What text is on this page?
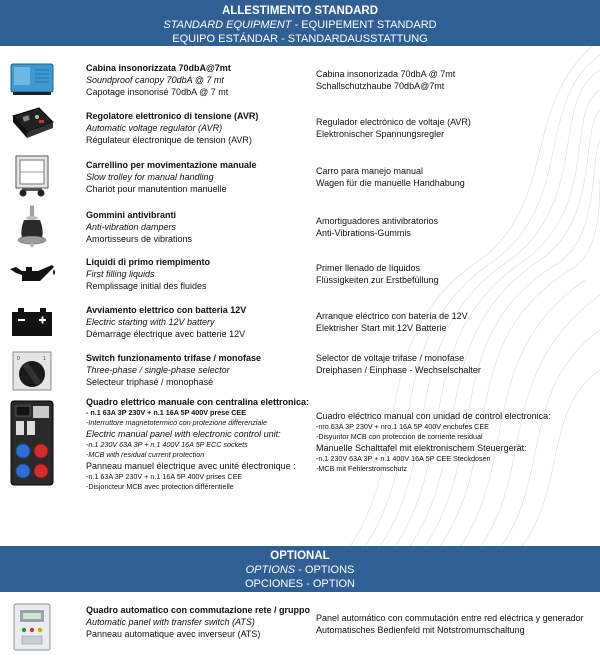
ALLESTIMENTO STANDARD
STANDARD EQUIPMENT - EQUIPEMENT STANDARD
EQUIPO ESTÁNDAR - STANDARDAUSSTATTUNG
Cabina insonorizzata 70dbA@7mt
Soundproof canopy 70dbA @ 7 mt
Capotage insonorisé 70dbA @ 7 mt
Cabina insonorizada 70dbA @ 7mt
Schallschutzhaube 70dbA@7mt
Regolatore elettronico di tensione (AVR)
Automatic voltage regulator (AVR)
Régulateur électronique de tension (AVR)
Regulador electrónico de voltaje (AVR)
Elektronischer Spannungsregler
Carrellino per movimentazione manuale
Slow trolley for manual handling
Chariot pour manutention manuelle
Carro para manejo manual
Wagen für die manuelle Handhabung
Gommini antivibranti
Anti-vibration dampers
Amortisseurs de vibrations
Amortiguadores antivibratorios
Anti-Vibrations-Gummis
Liquidi di primo riempimento
First filling liquids
Remplissage initial des fluides
Primer llenado de líquidos
Flüssigkeiten zur Erstbefüllung
Avviamento elettrico con batteria 12V
Electric starting with 12V battery
Démarrage électrique avec batterie 12V
Arranque eléctrico con batería de 12V
Elektrisher Start mit 12V Batterie
0	1	Switch funzionamento trifase / monofase
Three-phase / single-phase selector
Selecteur triphasé / monophasé
Selector de voltaje trifase / monofase
Dreiphasen / Einphase - Wechselschalter
Quadro elettrico manuale con centralina elettronica:
- n.1 63A 3P 230V + n.1 16A 5P 400V prese CEE
-Interruttore magnetotermico con protezione differenziale
Electric manual panel with electronic control unit:
-n.1 230V 63A 3P + n.1 400V 16A 5P ECC sockets
-MCB with residual current protection
Panneau manuel électrique avec unité électronique :
-n.1 63A 3P 230V + n.1 16A 5P 400V prises CEE
-Disjoncteur MCB avec protection différentielle
Cuadro eléctrico manual con unidad de control electronica:
-nro.63A 3P 230V + nro.1 16A 5P 400V enchufes CEE
-Disyuntor MCB con protección de corriente residual
Manuelle Schalttafel mit elektronischem Steuergerät:
-n.1 230V 63A 3P + n.1 400V 16A 5P CEE Steckdosen
-MCB mit Fehlerstromschutz
OPTIONAL
OPTIONS - OPTIONS
OPCIONES - OPTION
Quadro automatico con commutazione rete / gruppo
Automatic panel with transfer switch (ATS)
Panneau automatique avec inverseur (ATS)
Panel automático con commutación entre red eléctrica y generador
Automatisches Bedienfeld mit Notstromumschaltung
